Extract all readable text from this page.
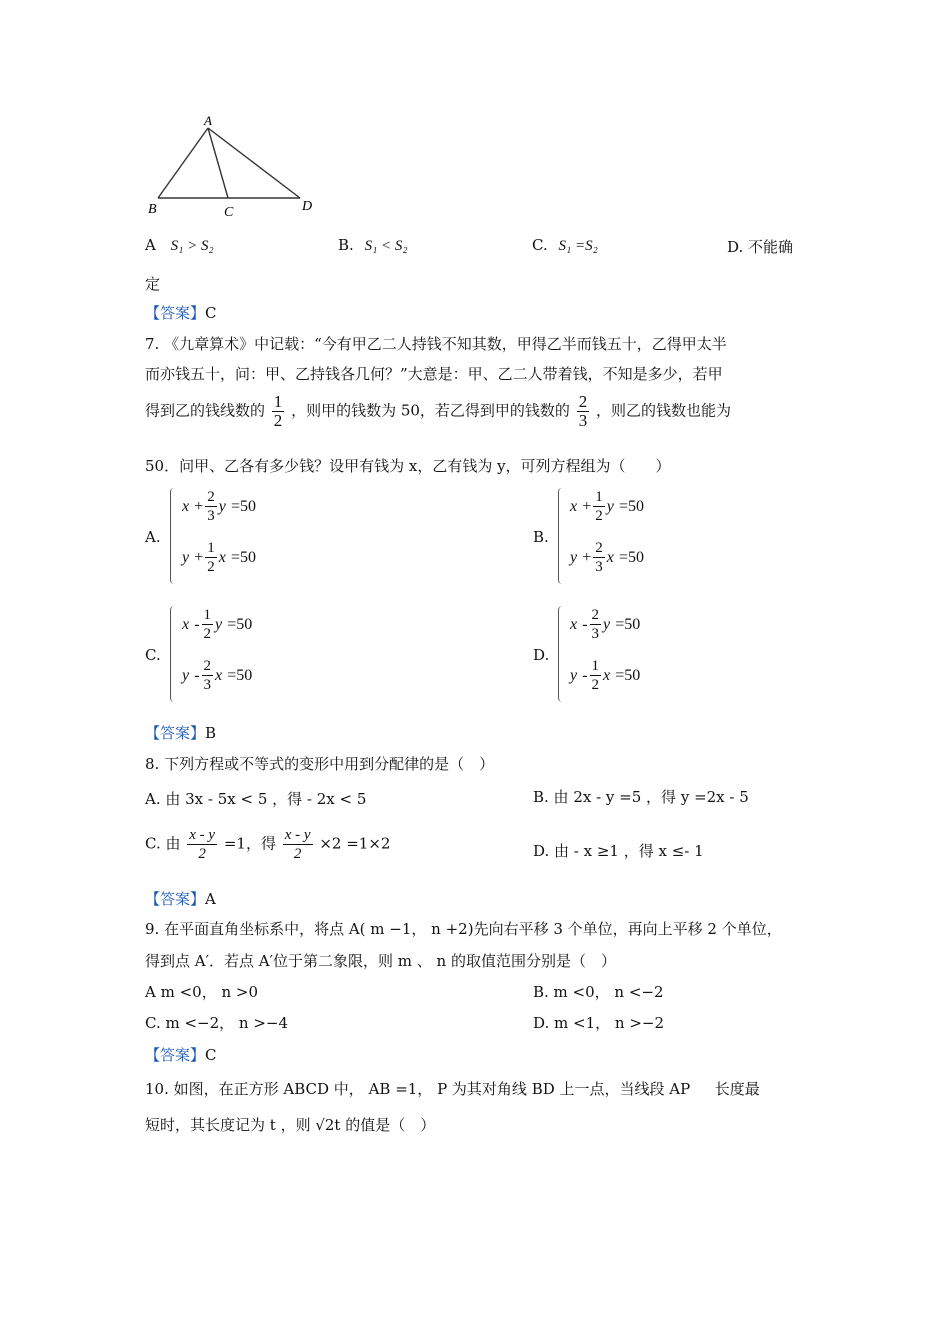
A
B	C	D
A S₁ > S₂	B. S₁ < S₂	C. S₁ =S₂	D. 不能确
定
【答案】C
7. 《九章算术》中记载：“今有甲乙二人持钱不知其数，甲得乙半而钱五十，乙得甲太半
而亦钱五十，问：甲、乙持钱各几何？”大意是：甲、乙二人带着钱，不知是多少，若甲
得到乙的钱线数的 $\frac{1}{2}$ ，则甲的钱数为 50，若乙得到甲的钱数的 $\frac{2}{3}$ ，则乙的钱数也能为
50．问甲、乙各有多少钱？设甲有钱为 x，乙有钱为 y，可列方程组为（　　）
A.
$x + \frac{2}{3}$ y =50
$y + \frac{1}{2}$ x =50
B.
$x + \frac{1}{2}$ y =50
$y + \frac{2}{3}$ x =50
C.
x - $\frac{1}{2}$ y =50
y - $\frac{2}{3}$ x =50
D.
x - $\frac{2}{3}$ y =50
y - $\frac{1}{2}$ x =50
【答案】B
8. 下列方程或不等式的变形中用到分配律的是（　）
A. 由 3x - 5x < 5 ，得 - 2x < 5	B. 由 2x - y =5 ，得 y =2x - 5
C. 由 $\frac{x - y}{2} =1$，得 $\frac{x - y}{2} \times 2 =1\times 2$	D. 由 - x ≥1 ，得 x ≤- 1
【答案】A
9. 在平面直角坐标系中，将点 A( m −1， n +2)先向右平移 3 个单位，再向上平移 2 个单位，
得到点 A′．若点 A′位于第二象限，则 m 、 n 的取值范围分别是（　）
A m <0， n >0	B. m <0， n <−2
C. m <−2， n >−4	D. m <1， n >−2
【答案】C
10. 如图，在正方形 ABCD 中， AB =1， P 为其对角线 BD 上一点，当线段 AP 　 长度最
短时，其长度记为 t ，则 √2t 的值是（　）
